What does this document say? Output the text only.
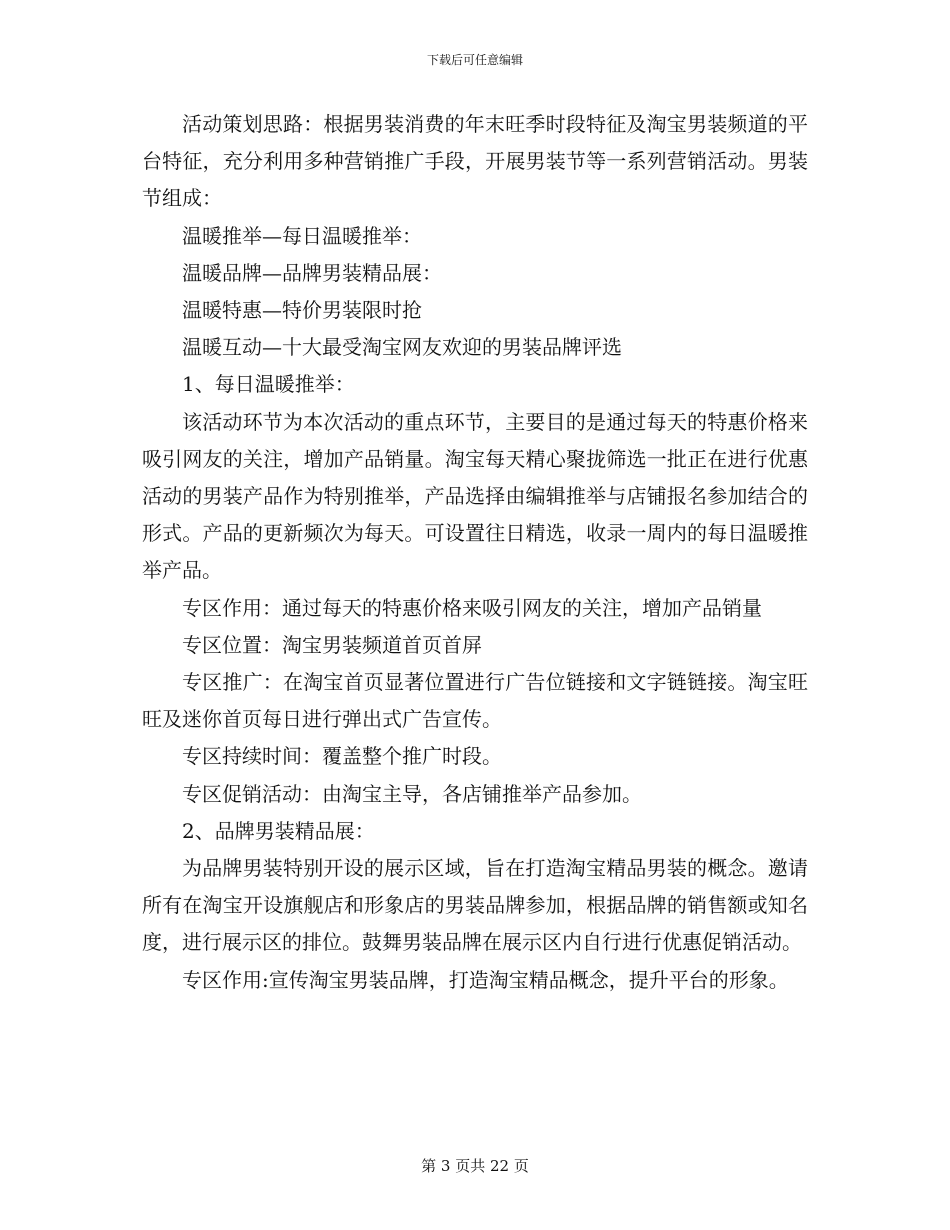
下载后可任意编辑

活动策划思路：根据男装消费的年末旺季时段特征及淘宝男装频道的平台特征，充分利用多种营销推广手段，开展男装节等一系列营销活动。男装节组成：

温暖推举—每日温暖推举：

温暖品牌—品牌男装精品展：

温暖特惠—特价男装限时抢

温暖互动—十大最受淘宝网友欢迎的男装品牌评选

1、每日温暖推举：

该活动环节为本次活动的重点环节，主要目的是通过每天的特惠价格来吸引网友的关注，增加产品销量。淘宝每天精心聚拢筛选一批正在进行优惠活动的男装产品作为特别推举，产品选择由编辑推举与店铺报名参加结合的形式。产品的更新频次为每天。可设置往日精选，收录一周内的每日温暖推举产品。

专区作用：通过每天的特惠价格来吸引网友的关注，增加产品销量

专区位置：淘宝男装频道首页首屏

专区推广：在淘宝首页显著位置进行广告位链接和文字链链接。淘宝旺旺及迷你首页每日进行弹出式广告宣传。

专区持续时间：覆盖整个推广时段。

专区促销活动：由淘宝主导，各店铺推举产品参加。

2、品牌男装精品展：

为品牌男装特别开设的展示区域，旨在打造淘宝精品男装的概念。邀请所有在淘宝开设旗舰店和形象店的男装品牌参加，根据品牌的销售额或知名度，进行展示区的排位。鼓舞男装品牌在展示区内自行进行优惠促销活动。

专区作用:宣传淘宝男装品牌，打造淘宝精品概念，提升平台的形象。

第 3 页共 22 页
